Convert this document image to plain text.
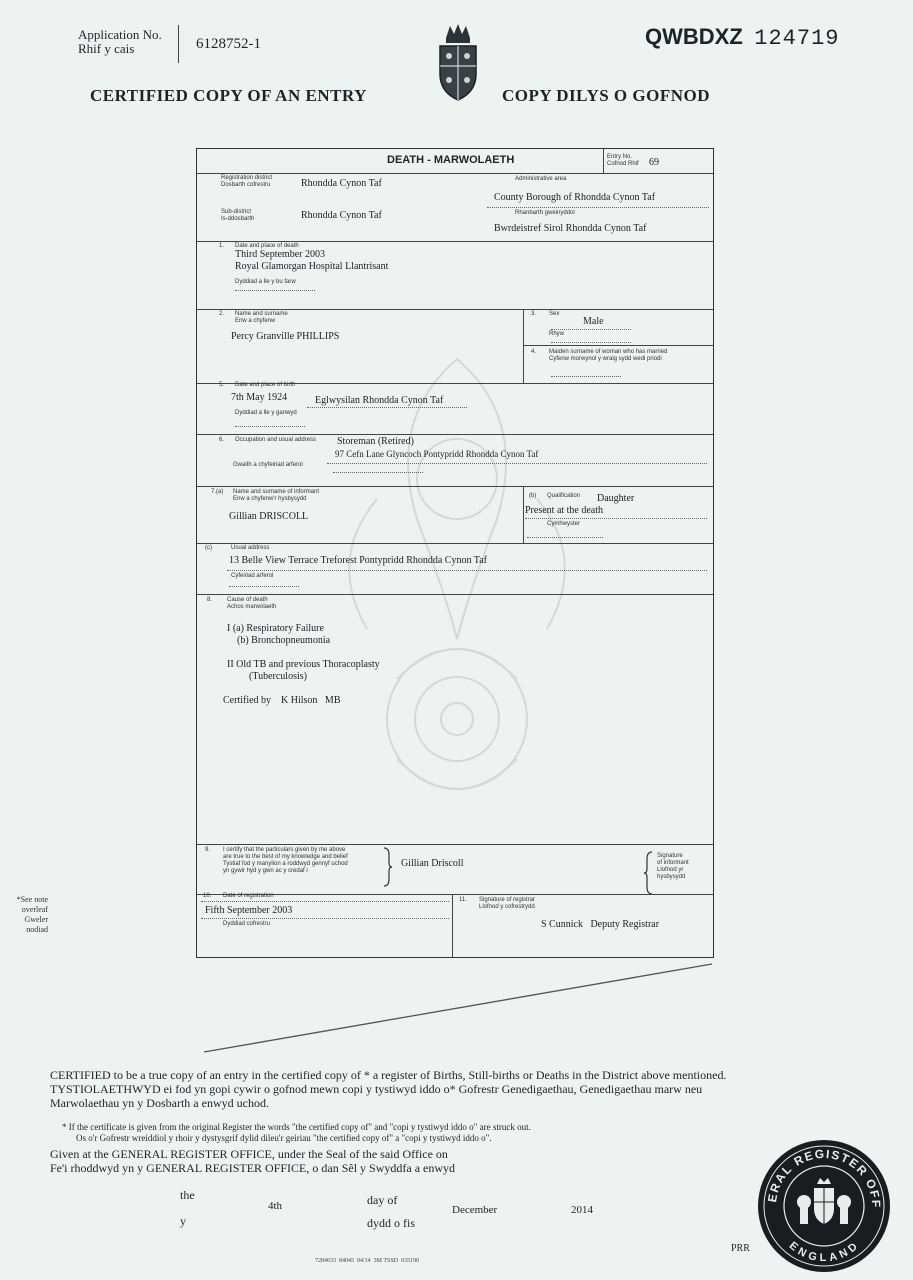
Application No.
Rhif y cais	6128752-1	QWBDXZ 124719
CERTIFIED COPY OF AN ENTRY	COPY DILYS O GOFNOD
DEATH - MARWOLAETH	Entry No.
Cofnod Rhif 69
Registration district
Dosbarth cofrestru	Rhondda Cynon Taf	Administrative area
County Borough of Rhondda Cynon Taf
Rhanbarth gweinyddol
Bwrdeistref Sirol Rhondda Cynon Taf
Sub-district
Is-ddosbarth	Rhondda Cynon Taf
1. Date and place of death
Third September 2003
Royal Glamorgan Hospital Llantrisant
Dyddiad a lle y bu farw
2. Name and surname
Enw a chyfenw
Percy Granville PHILLIPS
3. Sex
Male
Rhyw
4. Maiden surname of woman who has married
Cyfenw morwynol y wraig sydd wedi priodi
5. Date and place of birth
7th May 1924	Eglwysilan Rhondda Cynon Taf
Dyddiad a lle y ganwyd
6. Occupation and usual address Storeman (Retired)
97 Cefn Lane Glyncoch Pontypridd Rhondda Cynon Taf
Gwaith a chyfeiriad arferol
7.(a) Name and surname of informant
Enw a chyfenw'r hysbysydd
Gillian DRISCOLL
(b) Qualification Daughter
Present at the death
Cymhwyster
(c)	Usual address
13 Belle View Terrace Treforest Pontypridd Rhondda Cynon Taf
Cyfeiriad arferol
8. Cause of death
Achos marwolaeth
I (a) Respiratory Failure
(b) Bronchopneumonia
II Old TB and previous Thoracoplasty
(Tuberculosis)
Certified by    K Hilson   MB
9. I certify that the particulars given by me above
are true to the best of my knowledge and belief
Tystiaf fod y manylion a roddwyd gennyf uchod
yn gywir hyd y gwn ac y credaf i
Gillian Driscoll
Signature
of informant
Llofnod yr
hysbysydd
10. Date of registration
Fifth September 2003
Dyddiad cofrestru
11. Signature of registrar
Llofnod y cofrestrydd
S Cunnick   Deputy Registrar
*See note
overleaf
Gweler
nodiad
CERTIFIED to be a true copy of an entry in the certified copy of * a register of Births, Still-births or Deaths in the District above mentioned.
TYSTIOLAETHWYD ei fod yn gopi cywir o gofnod mewn copi y tystiwyd iddo o* Gofrestr Genedigaethau, Genedigaethau marw neu
Marwolaethau yn y Dosbarth a enwyd uchod.
* If the certificate is given from the original Register the words "the certified copy of" and "copi y tystiwyd iddo o" are struck out.
Os o'r Gofrestr wreiddiol y rhoir y dystysgrif dylid dileu'r geiriau "the certified copy of" a "copi y tystiwyd iddo o".
Given at the GENERAL REGISTER OFFICE, under the Seal of the said Office on
Fe'i rhoddwyd yn y GENERAL REGISTER OFFICE, o dan Sêl y Swyddfa a enwyd
the
y
4th	day of
dydd o fis
December	2014
PRR
7284633  84045  04/14  3M TSSD  035190
ERAL REGISTER OFF
ENGLAND
